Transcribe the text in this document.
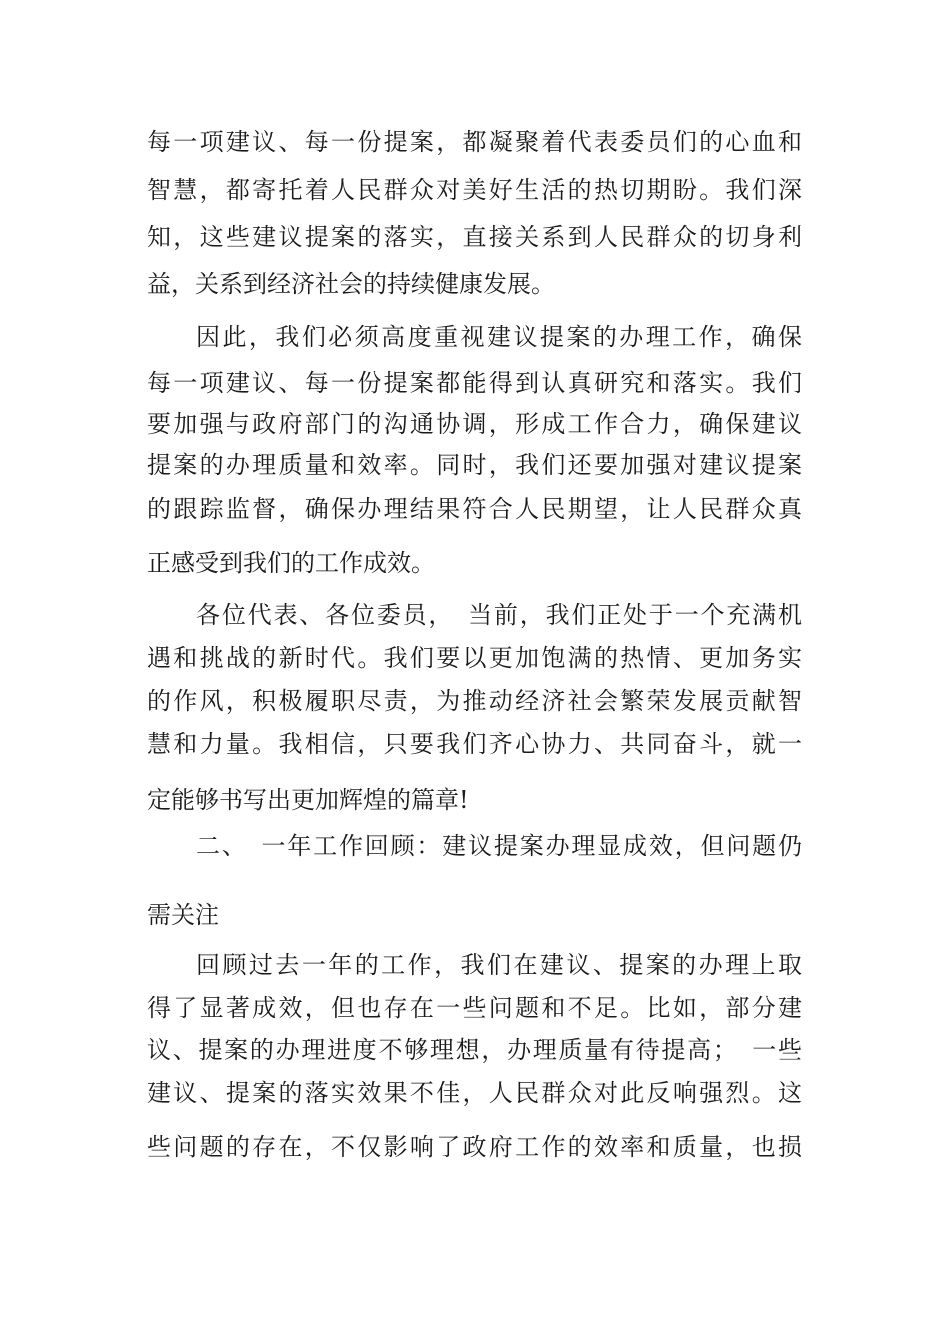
每一项建议、每一份提案，都凝聚着代表委员们的心血和
智慧，都寄托着人民群众对美好生活的热切期盼。我们深
知，这些建议提案的落实，直接关系到人民群众的切身利
益，关系到经济社会的持续健康发展。
因此，我们必须高度重视建议提案的办理工作，确保
每一项建议、每一份提案都能得到认真研究和落实。我们
要加强与政府部门的沟通协调，形成工作合力，确保建议
提案的办理质量和效率。同时，我们还要加强对建议提案
的跟踪监督，确保办理结果符合人民期望，让人民群众真
正感受到我们的工作成效。
各位代表、各位委员，　当前，我们正处于一个充满机
遇和挑战的新时代。我们要以更加饱满的热情、更加务实
的作风，积极履职尽责，为推动经济社会繁荣发展贡献智
慧和力量。我相信，只要我们齐心协力、共同奋斗，就一
定能够书写出更加辉煌的篇章!
二、　一年工作回顾：建议提案办理显成效，但问题仍
需关注
回顾过去一年的工作，我们在建议、提案的办理上取
得了显著成效，但也存在一些问题和不足。比如，部分建
议、提案的办理进度不够理想，办理质量有待提高；　一些
建议、提案的落实效果不佳，人民群众对此反响强烈。这
些问题的存在，不仅影响了政府工作的效率和质量，也损
